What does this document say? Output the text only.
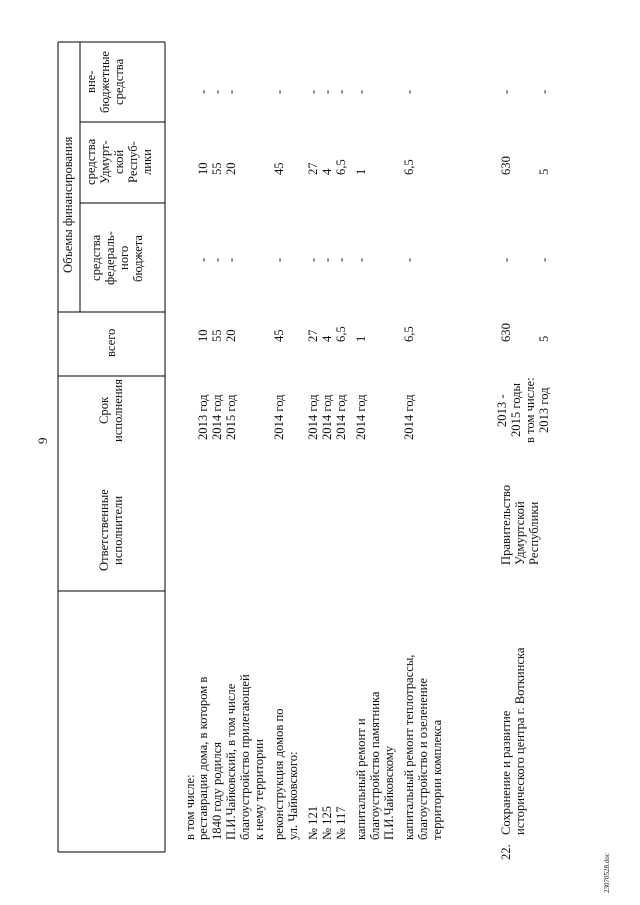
9
23070528.doc
Объемы финансирования
Ответственные исполнители
Срок исполнения
всего
средства федераль- ного бюджета
средства Удмурт- ской Респуб- лики
вне- бюджетные средства
в том числе: реставрация дома, в котором в
2013 год
10
-
10
-
1840 году родился
2014 год
55
-
55
-
П.И.Чайковский, в том числе
2015 год
20
-
20
-
благоустройство прилегающей к нему территории реконструкция домов по
2014 год
45
-
45
-
ул. Чайковского: № 121
2014 год
27
-
27
-
№ 125
2014 год
4
-
4
-
№ 117
2014 год
6,5
-
6,5
-
капитальный ремонт и
2014 год
1
-
1
-
благоустройство памятника П.И.Чайковскому капитальный ремонт теплотрассы,
2014 год
6,5
-
6,5
-
благоустройство и озеленение территории комплекса
22.
Сохранение и развитие исторического центра г. Воткинска
Правительство Удмуртской Республики
2013 - 2015 годы в том числе: 2013 год
630
-
630
-
5
-
5
-
